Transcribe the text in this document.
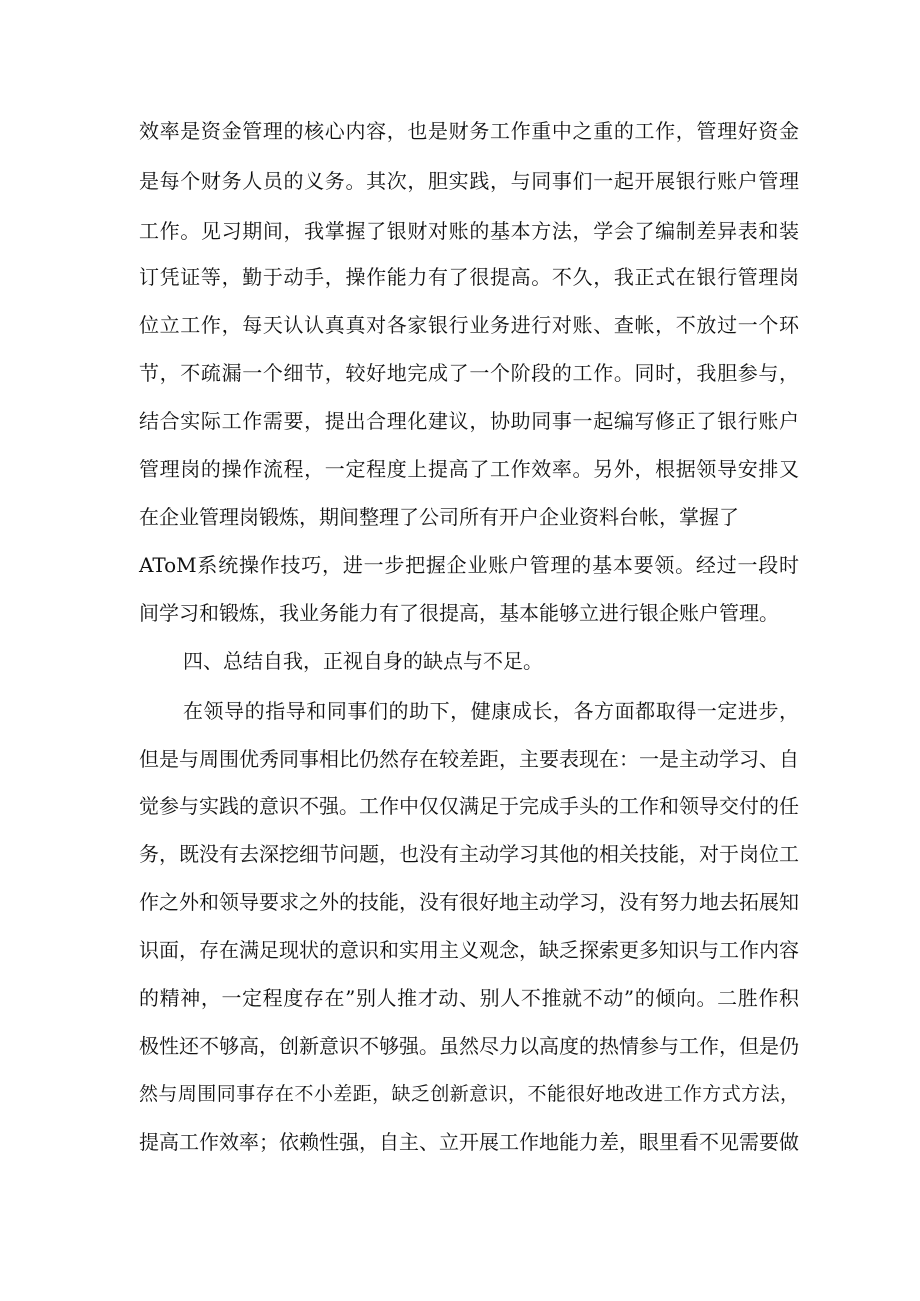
效率是资金管理的核心内容，也是财务工作重中之重的工作，管理好资金
是每个财务人员的义务。其次，胆实践，与同事们一起开展银行账户管理
工作。见习期间，我掌握了银财对账的基本方法，学会了编制差异表和装
订凭证等，勤于动手，操作能力有了很提高。不久，我正式在银行管理岗
位立工作，每天认认真真对各家银行业务进行对账、查帐，不放过一个环
节，不疏漏一个细节，较好地完成了一个阶段的工作。同时，我胆参与，
结合实际工作需要，提出合理化建议，协助同事一起编写修正了银行账户
管理岗的操作流程，一定程度上提高了工作效率。另外，根据领导安排又
在企业管理岗锻炼，期间整理了公司所有开户企业资料台帐，掌握了
AToM系统操作技巧，进一步把握企业账户管理的基本要领。经过一段时
间学习和锻炼，我业务能力有了很提高，基本能够立进行银企账户管理。
四、总结自我，正视自身的缺点与不足。
在领导的指导和同事们的助下，健康成长，各方面都取得一定进步，
但是与周围优秀同事相比仍然存在较差距，主要表现在：一是主动学习、自
觉参与实践的意识不强。工作中仅仅满足于完成手头的工作和领导交付的任
务，既没有去深挖细节问题，也没有主动学习其他的相关技能，对于岗位工
作之外和领导要求之外的技能，没有很好地主动学习，没有努力地去拓展知
识面，存在满足现状的意识和实用主义观念，缺乏探索更多知识与工作内容
的精神，一定程度存在”别人推才动、别人不推就不动”的倾向。二胜作积
极性还不够高，创新意识不够强。虽然尽力以高度的热情参与工作，但是仍
然与周围同事存在不小差距，缺乏创新意识，不能很好地改进工作方式方法，
提高工作效率；依赖性强，自主、立开展工作地能力差，眼里看不见需要做
